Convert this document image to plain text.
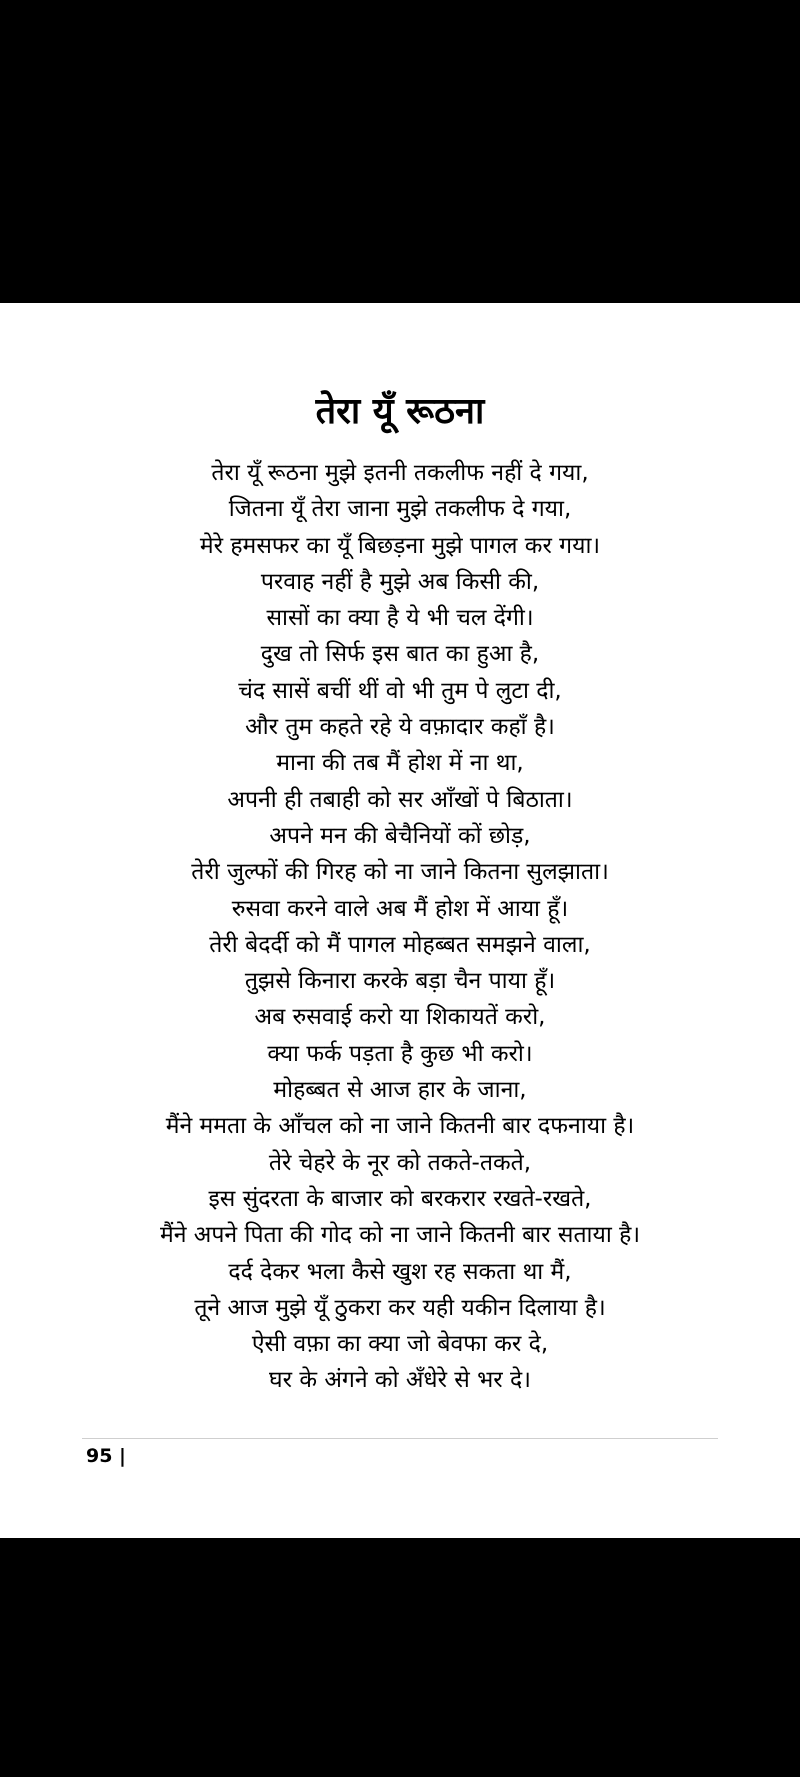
तेरा यूँ रूठना
तेरा यूँ रूठना मुझे इतनी तकलीफ नहीं दे गया,
जितना यूँ तेरा जाना मुझे तकलीफ दे गया,
मेरे हमसफर का यूँ बिछड़ना मुझे पागल कर गया।
परवाह नहीं है मुझे अब किसी की,
सासों का क्या है ये भी चल देंगी।
दुख तो सिर्फ इस बात का हुआ है,
चंद सासें बचीं थीं वो भी तुम पे लुटा दी,
और तुम कहते रहे ये वफ़ादार कहाँ है।
माना की तब मैं होश में ना था,
अपनी ही तबाही को सर आँखों पे बिठाता।
अपने मन की बेचैनियों कों छोड़,
तेरी जुल्फों की गिरह को ना जाने कितना सुलझाता।
रुसवा करने वाले अब मैं होश में आया हूँ।
तेरी बेदर्दी को मैं पागल मोहब्बत समझने वाला,
तुझसे किनारा करके बड़ा चैन पाया हूँ।
अब रुसवाई करो या शिकायतें करो,
क्या फर्क पड़ता है कुछ भी करो।
मोहब्बत से आज हार के जाना,
मैंने ममता के आँचल को ना जाने कितनी बार दफनाया है।
तेरे चेहरे के नूर को तकते-तकते,
इस सुंदरता के बाजार को बरकरार रखते-रखते,
मैंने अपने पिता की गोद को ना जाने कितनी बार सताया है।
दर्द देकर भला कैसे खुश रह सकता था मैं,
तूने आज मुझे यूँ ठुकरा कर यही यकीन दिलाया है।
ऐसी वफ़ा का क्या जो बेवफा कर दे,
घर के अंगने को अँधेरे से भर दे।
95 |
